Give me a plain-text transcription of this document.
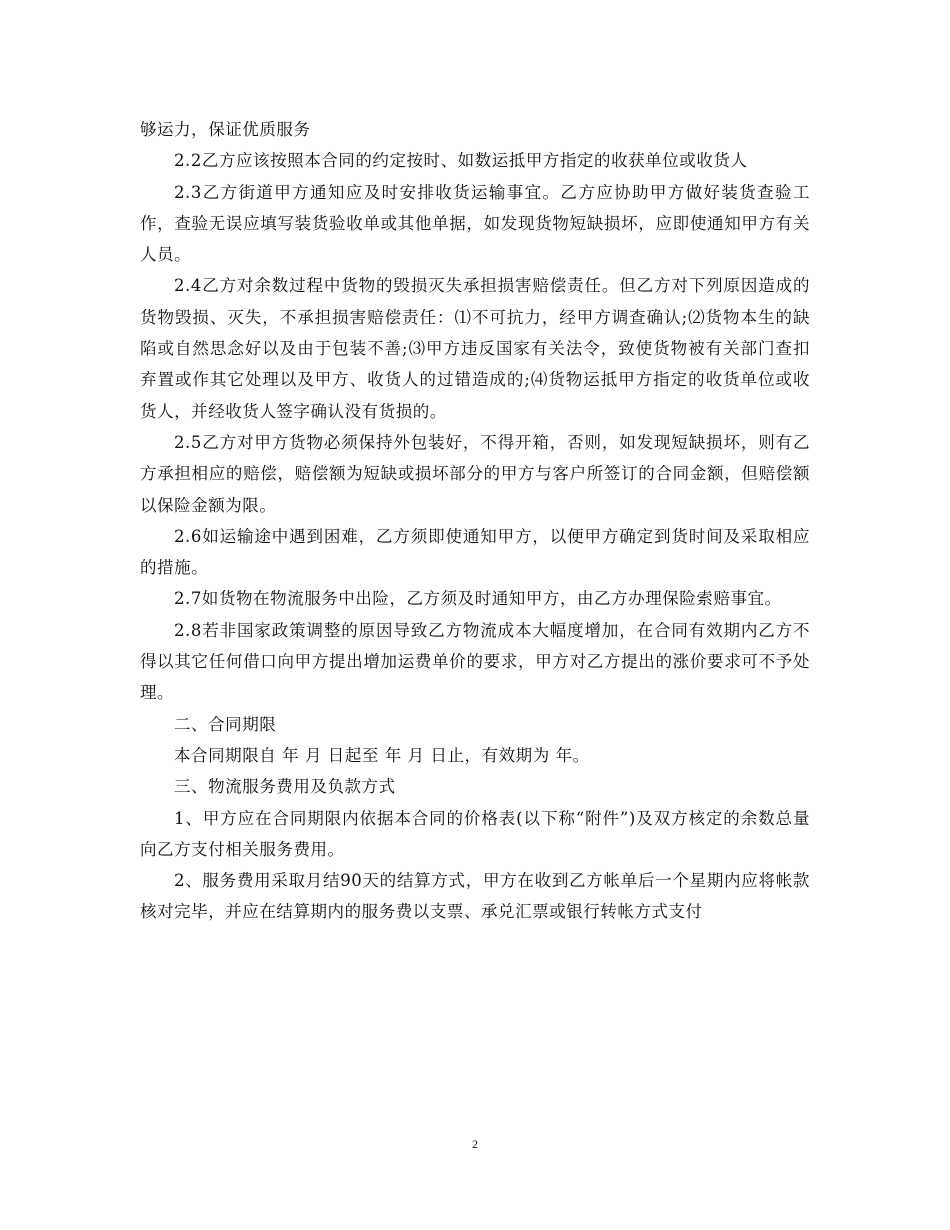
够运力，保证优质服务

2.2乙方应该按照本合同的约定按时、如数运抵甲方指定的收获单位或收货人

2.3乙方街道甲方通知应及时安排收货运输事宜。乙方应协助甲方做好装货查验工作，查验无误应填写装货验收单或其他单据，如发现货物短缺损坏，应即使通知甲方有关人员。

2.4乙方对余数过程中货物的毁损灭失承担损害赔偿责任。但乙方对下列原因造成的货物毁损、灭失，不承担损害赔偿责任：⑴不可抗力，经甲方调查确认;⑵货物本生的缺陷或自然思念好以及由于包装不善;⑶甲方违反国家有关法令，致使货物被有关部门查扣弃置或作其它处理以及甲方、收货人的过错造成的;⑷货物运抵甲方指定的收货单位或收货人，并经收货人签字确认没有货损的。

2.5乙方对甲方货物必须保持外包装好，不得开箱，否则，如发现短缺损坏，则有乙方承担相应的赔偿，赔偿额为短缺或损坏部分的甲方与客户所签订的合同金额，但赔偿额以保险金额为限。

2.6如运输途中遇到困难，乙方须即使通知甲方，以便甲方确定到货时间及采取相应的措施。

2.7如货物在物流服务中出险，乙方须及时通知甲方，由乙方办理保险索赔事宜。

2.8若非国家政策调整的原因导致乙方物流成本大幅度增加，在合同有效期内乙方不得以其它任何借口向甲方提出增加运费单价的要求，甲方对乙方提出的涨价要求可不予处理。

二、合同期限

本合同期限自 年 月 日起至 年 月 日止，有效期为 年。

三、物流服务费用及负款方式

1、甲方应在合同期限内依据本合同的价格表(以下称“附件”)及双方核定的余数总量向乙方支付相关服务费用。

2、服务费用采取月结90天的结算方式，甲方在收到乙方帐单后一个星期内应将帐款核对完毕，并应在结算期内的服务费以支票、承兑汇票或银行转帐方式支付

2
